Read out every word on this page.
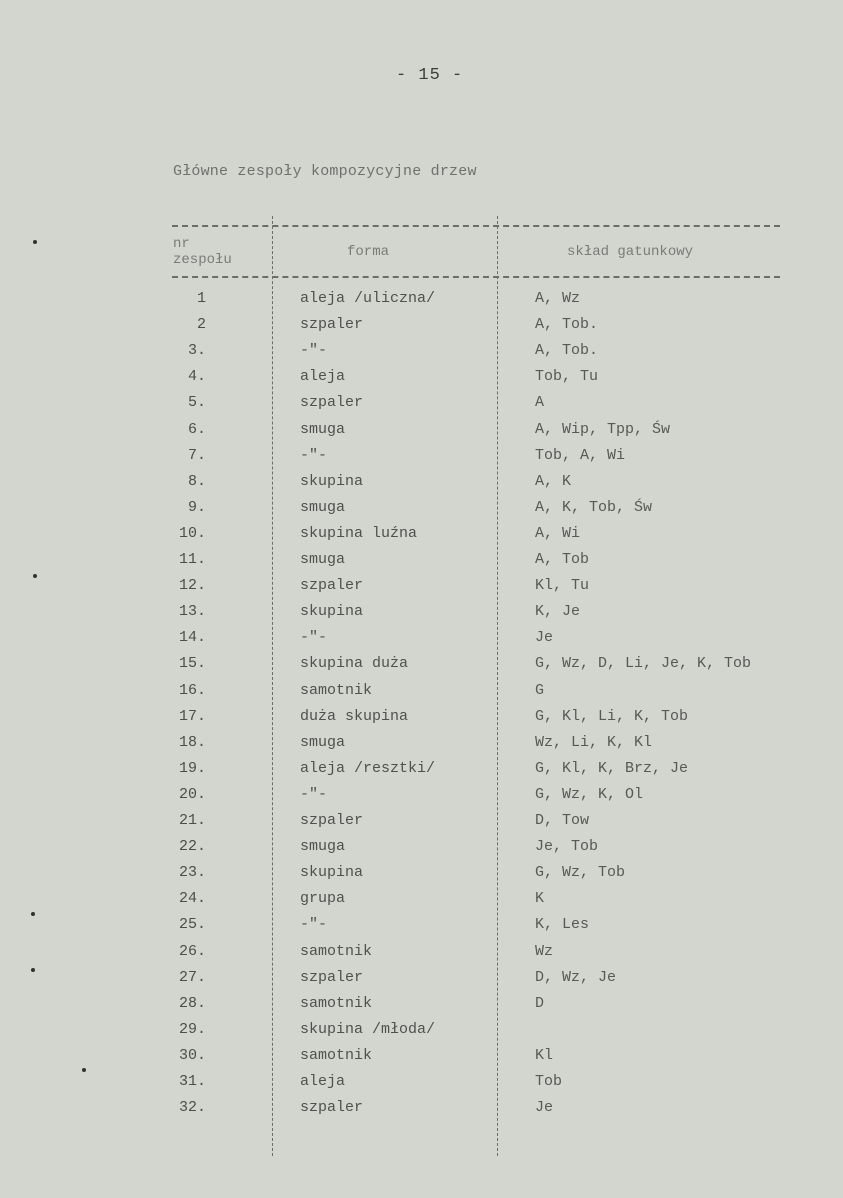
- 15 -
Główne zespoły kompozycyjne drzew
nr
zespołu	forma	skład gatunkowy
1	aleja /uliczna/	A, Wz
2	szpaler	A, Tob.
3.	-"-	A, Tob.
4.	aleja	Tob, Tu
5.	szpaler	A
6.	smuga	A, Wip, Tpp, Św
7.	-"-	Tob, A, Wi
8.	skupina	A, K
9.	smuga	A, K, Tob, Św
10.	skupina luźna	A, Wi
11.	smuga	A, Tob
12.	szpaler	Kl, Tu
13.	skupina	K, Je
14.	-"-	Je
15.	skupina duża	G, Wz, D, Li, Je, K, Tob
16.	samotnik	G
17.	duża skupina	G, Kl, Li, K, Tob
18.	smuga	Wz, Li, K, Kl
19.	aleja /resztki/	G, Kl, K, Brz, Je
20.	-"-	G, Wz, K, Ol
21.	szpaler	D, Tow
22.	smuga	Je, Tob
23.	skupina	G, Wz, Tob
24.	grupa	K
25.	-"-	K, Les
26.	samotnik	Wz
27.	szpaler	D, Wz, Je
28.	samotnik	D
29.	skupina /młoda/
30.	samotnik	Kl
31.	aleja	Tob
32.	szpaler	Je
